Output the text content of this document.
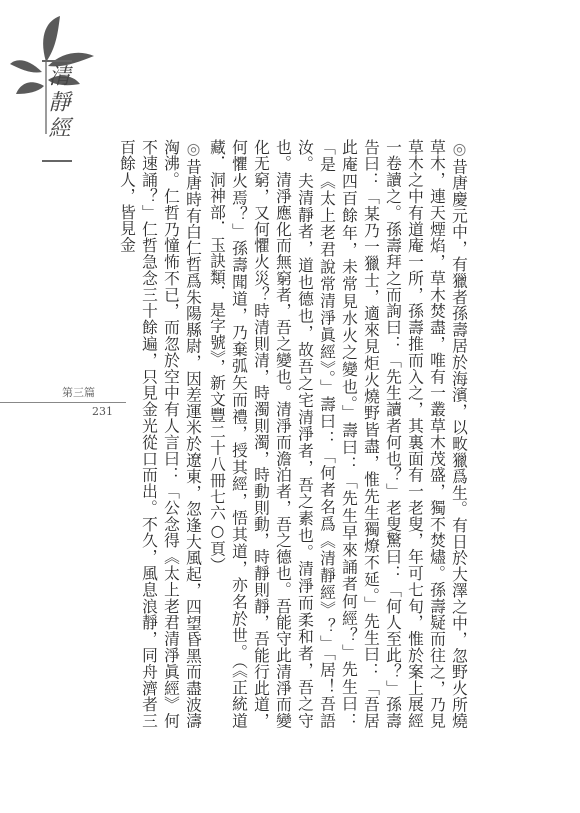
清靜經
第三篇
231

◎昔唐慶元中，有獵者孫壽居於海濱，以畋獵爲生。有日於大澤之中，忽野火所燒草木，連天煙焰，草木焚盡，唯有一叢草木茂盛，獨不焚燼。孫壽疑而往之，乃見草木之中有道庵一所，孫壽推而入之，其裏面有一老叟，年可七旬，惟於案上展經一卷讀之。孫壽拜之而詢曰：「先生讀者何也？」老叟驚曰：「何人至此？」孫壽告曰：「某乃一獵士，適來見炬火燒野皆盡，惟先生獨燎不延。」先生曰：「吾居此庵四百餘年，未常見水火之變也。」壽曰：「先生早來誦者何經？」先生曰：「是《太上老君說常清淨眞經》。」壽曰：「何者名爲《清靜經》？」「居！吾語汝。夫清靜者，道也德也，故吾之宅清淨者，吾之素也。清淨而柔和者，吾之守也。清淨應化而無窮者，吾之變也。清淨而澹泊者，吾之德也。吾能守此清淨而變化无窮，又何懼火災？時清則清，時濁則濁，時動則動，時靜則靜，吾能行此道，何懼火焉？」孫壽聞道，乃棄弧矢而禮，授其經，悟其道，亦名於世。（《正統道藏．洞神部．玉訣類．是字號》，新文豐二十八冊七六○頁）

◎昔唐時有白仁哲爲朱陽縣尉，因差運米於遼東，忽逢大風起，四望昏黑而盡波濤洶沸。仁哲乃憧怖不已，而忽於空中有人言曰：「公念得《太上老君清淨眞經》何不速誦？」仁哲急念三十餘遍，只見金光從口而出。不久，風息浪靜，同舟濟者三百餘人，皆見金
